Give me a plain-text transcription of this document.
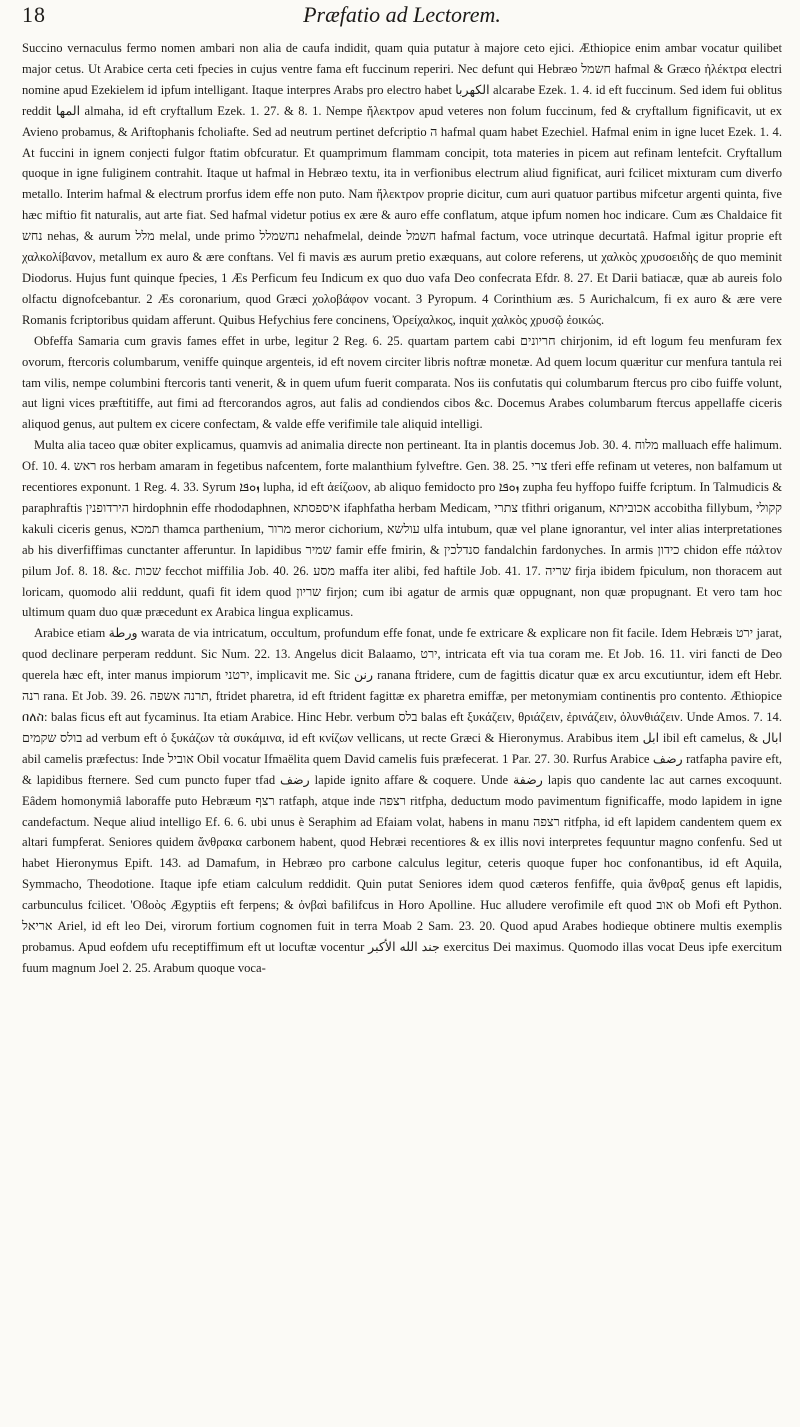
18	Præfatio ad Lectorem.

Succino vernaculus fermo nomen ambari non alia de caufa indidit, quam quia putatur à majore ceto ejici. Æthiopice enim ambar vocatur quilibet major cetus. Ut Arabice certa ceti fpecies in cujus ventre fama eft fuccinum reperiri. Nec defunt qui Hebræo חשמל hafmal & Græco ἠλέκτρα electri nomine apud Ezekielem id ipfum intelligant. Itaque interpres Arabs pro electro habet الكهربا alcarabe Ezek. 1. 4. id eft fuccinum. Sed idem fui oblitus reddit المها almaha, id eft cryftallum Ezek. 1. 27. & 8. 1. Nempe ἤλεκτρον apud veteres non folum fuccinum, fed & cryftallum fignificavit, ut ex Avieno probamus, & Ariftophanis fcholiafte. Sed ad neutrum pertinet defcriptio ה hafmal quam habet Ezechiel. Hafmal enim in igne lucet Ezek. 1. 4. At fuccini in ignem conjecti fulgor ftatim obfcuratur. Et quamprimum flammam concipit, tota materies in picem aut refinam lentefcit. Cryftallum quoque in igne fuliginem contrahit. Itaque ut hafmal in Hebræo textu, ita in verfionibus electrum aliud fignificat, auri fcilicet mixturam cum diverfo metallo. Interim hafmal & electrum prorfus idem effe non puto. Nam ἤλεκτρον proprie dicitur, cum auri quatuor partibus mifcetur argenti quinta, five hæc miftio fit naturalis, aut arte fiat. Sed hafmal videtur potius ex ære & auro effe conflatum, atque ipfum nomen hoc indicare. Cum æs Chaldaice fit נחש nehas, & aurum מלל melal, unde primo נחשמלל nehafmelal, deinde חשמל hafmal factum, voce utrinque decurtatâ. Hafmal igitur proprie eft χαλκολίβανον, metallum ex auro & ære conftans. Vel fi mavis æs aurum pretio exæquans, aut colore referens, ut χαλκὸς χρυσοειδὴς de quo meminit Diodorus. Hujus funt quinque fpecies, 1 Æs Perficum feu Indicum ex quo duo vafa Deo confecrata Efdr. 8. 27. Et Darii batiacæ, quæ ab aureis folo olfactu dignofcebantur. 2 Æs coronarium, quod Græci χολοβάφον vocant. 3 Pyropum. 4 Corinthium æs. 5 Aurichalcum, fi ex auro & ære vere Romanis fcriptoribus quidam afferunt. Quibus Hefychius fere concinens, Ὀρείχαλκος, inquit χαλκὸς χρυσῷ ἐοικώς.

Obfeffa Samaria cum gravis fames effet in urbe, legitur 2 Reg. 6. 25. quartam partem cabi חריונים chirjonim, id eft logum feu menfuram fex ovorum, ftercoris columbarum, veniffe quinque argenteis, id eft novem circiter libris noftræ monetæ. Ad quem locum quæritur cur menfura tantula rei tam vilis, nempe columbini ftercoris tanti venerit, & in quem ufum fuerit comparata. Nos iis confutatis qui columbarum ftercus pro cibo fuiffe volunt, aut ligni vices præftitiffe, aut fimi ad ftercorandos agros, aut falis ad condiendos cibos &c. Docemus Arabes columbarum ftercus appellaffe ciceris aliquod genus, aut pultem ex cicere confectam, & valde effe verifimile tale aliquid intelligi.

Multa alia taceo quæ obiter explicamus, quamvis ad animalia directe non pertineant. Ita in plantis docemus Job. 30. 4. מלוח malluach effe halimum. Of. 10. 4. ראש ros herbam amaram in fegetibus nafcentem, forte malanthium fylveftre. Gen. 38. 25. צרי tferi effe refinam ut veteres, non balfamum ut recentiores exponunt. 1 Reg. 4. 33. Syrum ܙܘܦܐ lupha, id eft ἀείζωον, ab aliquo femidocto pro ܙܘܦܐ zupha feu hyffopo fuiffe fcriptum. In Talmudicis & paraphraftis הירדופנין hirdophnin effe rhododaphnen, איספסתא ifaphfatha herbam Medicam, צתרי tfithri origanum, אכוביתא accobitha fillybum, קקולי kakuli ciceris genus, תמכא thamca parthenium, מרור meror cichorium, עולשא ulfa intubum, quæ vel plane ignorantur, vel inter alias interpretationes ab his diverfiffimas cunctanter afferuntur. In lapidibus שמיר famir effe fmirin, & סנדלכין fandalchin fardonyches. In armis כידון chidon effe πάλτον pilum Jof. 8. 18. &c. שכות fecchot miffilia Job. 40. 26. מסע maffa iter alibi, fed haftile Job. 41. 17. שריה firja ibidem fpiculum, non thoracem aut loricam, quomodo alii reddunt, quafi fit idem quod שריון firjon; cum ibi agatur de armis quæ oppugnant, non quæ propugnant. Et vero tam hoc ultimum quam duo quæ præcedunt ex Arabica lingua explicamus.

Arabice etiam ورطة warata de via intricatum, occultum, profundum effe fonat, unde fe extricare & explicare non fit facile. Idem Hebræis ירט jarat, quod declinare perperam reddunt. Sic Num. 22. 13. Angelus dicit Balaamo, ירט, intricata eft via tua coram me. Et Job. 16. 11. viri fancti de Deo querela hæc eft, inter manus impiorum ירטני, implicavit me. Sic رنن ranana ftridere, cum de fagittis dicatur quæ ex arcu excutiuntur, idem eft Hebr. רנה rana. Et Job. 39. 26. תרנה אשפה, ftridet pharetra, id eft ftrident fagittæ ex pharetra emiffæ, per metonymiam continentis pro contento. Æthiopice በለስ: balas ficus eft aut fycaminus. Ita etiam Arabice. Hinc Hebr. verbum בלס balas eft ξυκάζειν, θριάζειν, ἐρινάζειν, ὀλυνθιάζειν. Unde Amos. 7. 14. בולס שקמים ad verbum eft ὁ ξυκάζων τὰ συκάμινα, id eft κνίζων vellicans, ut recte Græci & Hieronymus. Arabibus item ابل ibil eft camelus, & ابال abil camelis præfectus: Inde אוביל Obil vocatur Ifmaëlita quem David camelis fuis præfecerat. 1 Par. 27. 30. Rurfus Arabice رضف ratfapha pavire eft, & lapidibus fternere. Sed cum puncto fuper tfad رضف lapide ignito affare & coquere. Unde رضفة lapis quo candente lac aut carnes excoquunt. Eâdem homonymiâ laboraffe puto Hebræum רצף ratfaph, atque inde רצפה ritfpha, deductum modo pavimentum fignificaffe, modo lapidem in igne candefactum. Neque aliud intelligo Ef. 6. 6. ubi unus è Seraphim ad Efaiam volat, habens in manu רצפה ritfpha, id eft lapidem candentem quem ex altari fumpferat. Seniores quidem ἄνθρακα carbonem habent, quod Hebræi recentiores & ex illis novi interpretes fequuntur magno confenfu. Sed ut habet Hieronymus Epift. 143. ad Damafum, in Hebræo pro carbone calculus legitur, ceteris quoque fuper hoc confonantibus, id eft Aquila, Symmacho, Theodotione. Itaque ipfe etiam calculum reddidit. Quin putat Seniores idem quod cæteros fenfiffe, quia ἄνθραξ genus eft lapidis, carbunculus fcilicet. 'Οϐοὸς Ægyptiis eft ferpens; & ὀνβαὶ bafilifcus in Horo Apolline. Huc alludere verofimile eft quod אוב ob Mofi eft Python. אריאל Ariel, id eft leo Dei, virorum fortium cognomen fuit in terra Moab 2 Sam. 23. 20. Quod apud Arabes hodieque obtinere multis exemplis probamus. Apud eofdem ufu receptiffimum eft ut locuftæ vocentur جند الله الأكبر exercitus Dei maximus. Quomodo illas vocat Deus ipfe exercitum fuum magnum Joel 2. 25. Arabum quoque voca-
